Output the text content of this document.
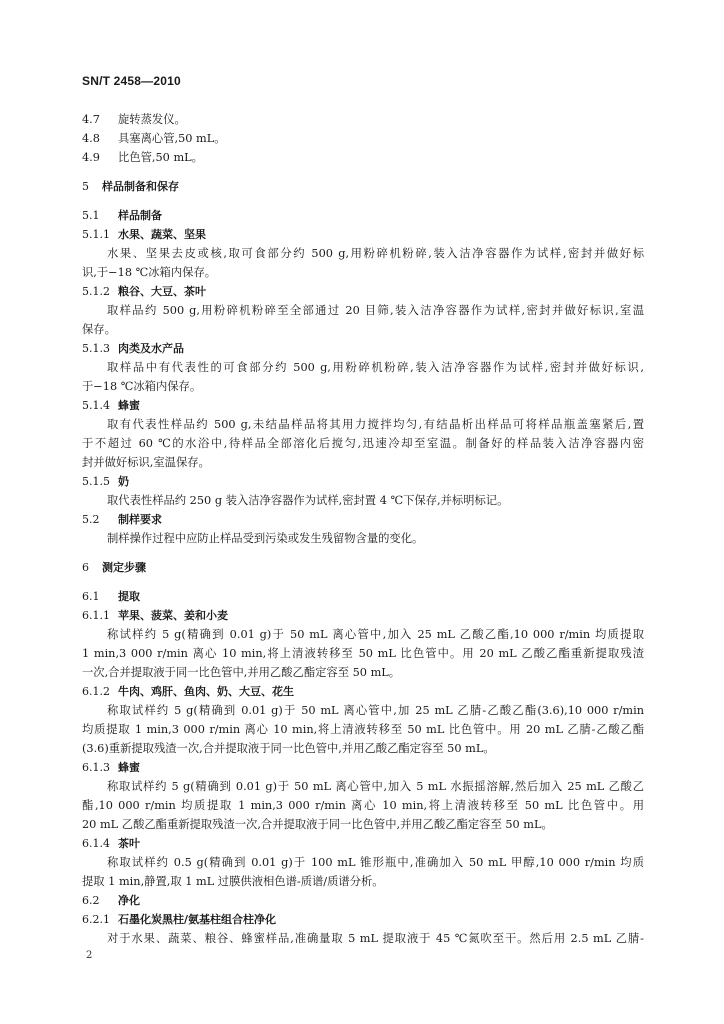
SN/T 2458—2010
4.7 旋转蒸发仪。
4.8 具塞离心管,50 mL。
4.9 比色管,50 mL。
5 样品制备和保存
5.1 样品制备
5.1.1 水果、蔬菜、坚果
水果、坚果去皮或核,取可食部分约 500 g,用粉碎机粉碎,装入洁净容器作为试样,密封并做好标
识,于−18 ℃冰箱内保存。
5.1.2 粮谷、大豆、茶叶
取样品约 500 g,用粉碎机粉碎至全部通过 20 目筛,装入洁净容器作为试样,密封并做好标识,室温
保存。
5.1.3 肉类及水产品
取样品中有代表性的可食部分约 500 g,用粉碎机粉碎,装入洁净容器作为试样,密封并做好标识,
于−18 ℃冰箱内保存。
5.1.4 蜂蜜
取有代表性样品约 500 g,未结晶样品将其用力搅拌均匀,有结晶析出样品可将样品瓶盖塞紧后,置
于不超过 60 ℃的水浴中,待样品全部溶化后搅匀,迅速冷却至室温。制备好的样品装入洁净容器内密
封并做好标识,室温保存。
5.1.5 奶
取代表性样品约 250 g 装入洁净容器作为试样,密封置 4 ℃下保存,并标明标记。
5.2 制样要求
制样操作过程中应防止样品受到污染或发生残留物含量的变化。
6 测定步骤
6.1 提取
6.1.1 苹果、菠菜、姜和小麦
称试样约 5 g(精确到 0.01 g)于 50 mL 离心管中,加入 25 mL 乙酸乙酯,10 000 r/min 均质提取
1 min,3 000 r/min 离心 10 min,将上清液转移至 50 mL 比色管中。用 20 mL 乙酸乙酯重新提取残渣
一次,合并提取液于同一比色管中,并用乙酸乙酯定容至 50 mL。
6.1.2 牛肉、鸡肝、鱼肉、奶、大豆、花生
称取试样约 5 g(精确到 0.01 g)于 50 mL 离心管中,加 25 mL 乙腈-乙酸乙酯(3.6),10 000 r/min
均质提取 1 min,3 000 r/min 离心 10 min,将上清液转移至 50 mL 比色管中。用 20 mL 乙腈-乙酸乙酯
(3.6)重新提取残渣一次,合并提取液于同一比色管中,并用乙酸乙酯定容至 50 mL。
6.1.3 蜂蜜
称取试样约 5 g(精确到 0.01 g)于 50 mL 离心管中,加入 5 mL 水振摇溶解,然后加入 25 mL 乙酸乙
酯,10 000 r/min 均质提取 1 min,3 000 r/min 离心 10 min,将上清液转移至 50 mL 比色管中。用
20 mL 乙酸乙酯重新提取残渣一次,合并提取液于同一比色管中,并用乙酸乙酯定容至 50 mL。
6.1.4 茶叶
称取试样约 0.5 g(精确到 0.01 g)于 100 mL 锥形瓶中,准确加入 50 mL 甲醇,10 000 r/min 均质
提取 1 min,静置,取 1 mL 过膜供液相色谱-质谱/质谱分析。
6.2 净化
6.2.1 石墨化炭黑柱/氨基柱组合柱净化
对于水果、蔬菜、粮谷、蜂蜜样品,准确量取 5 mL 提取液于 45 ℃氮吹至干。然后用 2.5 mL 乙腈-
2
